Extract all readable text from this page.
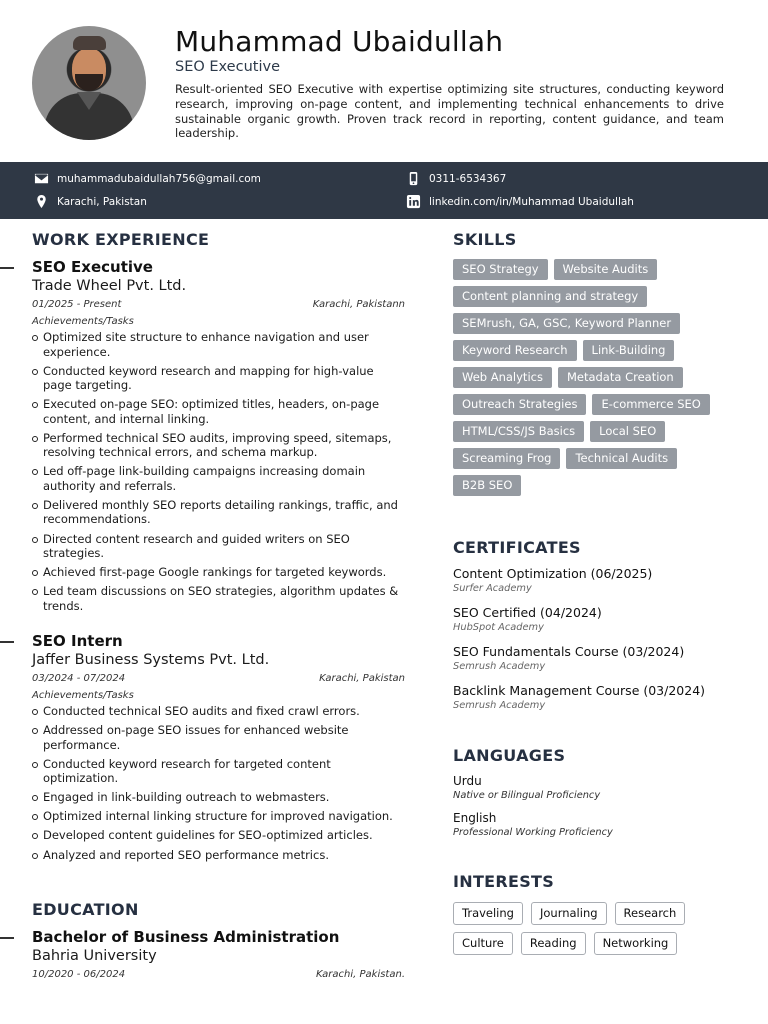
Muhammad Ubaidullah
SEO Executive
Result-oriented SEO Executive with expertise optimizing site structures, conducting keyword research, improving on-page content, and implementing technical enhancements to drive sustainable organic growth. Proven track record in reporting, content guidance, and team leadership.
muhammadubaidullah756@gmail.com	0311-6534367
Karachi, Pakistan	linkedin.com/in/Muhammad Ubaidullah
WORK EXPERIENCE
SEO Executive
Trade Wheel Pvt. Ltd.
01/2025 - Present	Karachi, Pakistann
Achievements/Tasks
Optimized site structure to enhance navigation and user experience.
Conducted keyword research and mapping for high-value page targeting.
Executed on-page SEO: optimized titles, headers, on-page content, and internal linking.
Performed technical SEO audits, improving speed, sitemaps, resolving technical errors, and schema markup.
Led off-page link-building campaigns increasing domain authority and referrals.
Delivered monthly SEO reports detailing rankings, traffic, and recommendations.
Directed content research and guided writers on SEO strategies.
Achieved first-page Google rankings for targeted keywords.
Led team discussions on SEO strategies, algorithm updates & trends.
SEO Intern
Jaffer Business Systems Pvt. Ltd.
03/2024 - 07/2024	Karachi, Pakistan
Achievements/Tasks
Conducted technical SEO audits and fixed crawl errors.
Addressed on-page SEO issues for enhanced website performance.
Conducted keyword research for targeted content optimization.
Engaged in link-building outreach to webmasters.
Optimized internal linking structure for improved navigation.
Developed content guidelines for SEO-optimized articles.
Analyzed and reported SEO performance metrics.
EDUCATION
Bachelor of Business Administration
Bahria University
10/2020 - 06/2024	Karachi, Pakistan.
SKILLS
SEO Strategy	Website Audits
Content planning and strategy
SEMrush, GA, GSC, Keyword Planner
Keyword Research	Link-Building
Web Analytics	Metadata Creation
Outreach Strategies	E-commerce SEO
HTML/CSS/JS Basics	Local SEO
Screaming Frog	Technical Audits
B2B SEO
CERTIFICATES
Content Optimization (06/2025)
Surfer Academy
SEO Certified (04/2024)
HubSpot Academy
SEO Fundamentals Course (03/2024)
Semrush Academy
Backlink Management Course (03/2024)
Semrush Academy
LANGUAGES
Urdu
Native or Bilingual Proficiency
English
Professional Working Proficiency
INTERESTS
Traveling	Journaling	Research
Culture	Reading	Networking
